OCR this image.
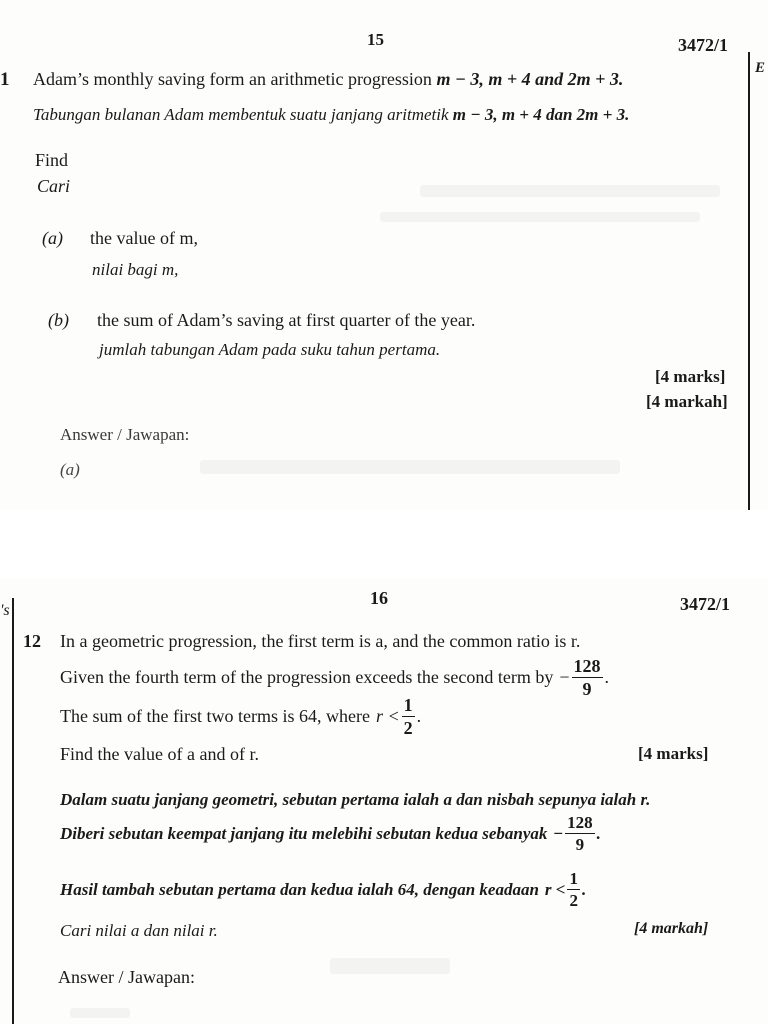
15	3472/1
E
1 Adam’s monthly saving form an arithmetic progression m − 3, m + 4 and 2m + 3.
Tabungan bulanan Adam membentuk suatu janjang aritmetik m − 3, m + 4 dan 2m + 3.
Find
Cari
(a) the value of m,
nilai bagi m,
(b) the sum of Adam’s saving at first quarter of the year.
jumlah tabungan Adam pada suku tahun pertama.
[4 marks]
[4 markah]
Answer / Jawapan:
(a)
's
16	3472/1
12 In a geometric progression, the first term is a, and the common ratio is r.
Given the fourth term of the progression exceeds the second term by − $\frac{128}{9}$ .
The sum of the first two terms is 64, where $r < \frac{1}{2}$ .
Find the value of a and of r.	[4 marks]
Dalam suatu janjang geometri, sebutan pertama ialah a dan nisbah sepunya ialah r.
Diberi sebutan keempat janjang itu melebihi sebutan kedua sebanyak − $\frac{128}{9}$ .
Hasil tambah sebutan pertama dan kedua ialah 64, dengan keadaan $r < \frac{1}{2}$ .
Cari nilai a dan nilai r.	[4 markah]
Answer / Jawapan:
